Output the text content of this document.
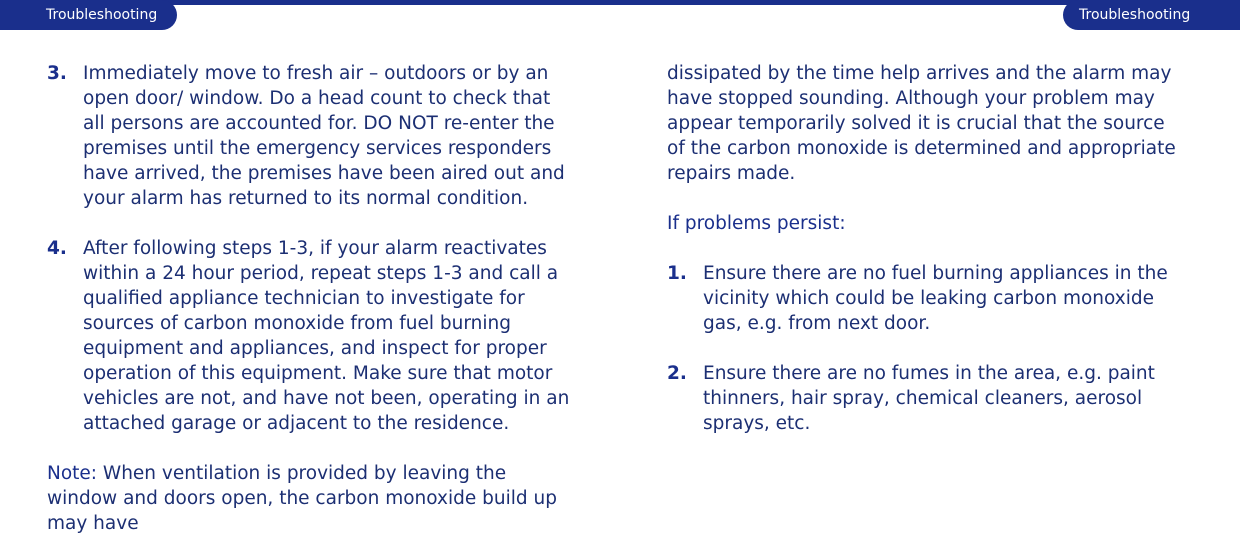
Troubleshooting	Troubleshooting
3. Immediately move to fresh air – outdoors or by an open door/ window. Do a head count to check that all persons are accounted for. DO NOT re-enter the premises until the emergency services responders have arrived, the premises have been aired out and your alarm has returned to its normal condition.
4. After following steps 1-3, if your alarm reactivates within a 24 hour period, repeat steps 1-3 and call a qualified appliance technician to investigate for sources of carbon monoxide from fuel burning equipment and appliances, and inspect for proper operation of this equipment. Make sure that motor vehicles are not, and have not been, operating in an attached garage or adjacent to the residence.
Note: When ventilation is provided by leaving the window and doors open, the carbon monoxide build up may have
dissipated by the time help arrives and the alarm may have stopped sounding. Although your problem may appear temporarily solved it is crucial that the source of the carbon monoxide is determined and appropriate repairs made.
If problems persist:
1. Ensure there are no fuel burning appliances in the vicinity which could be leaking carbon monoxide gas, e.g. from next door.
2. Ensure there are no fumes in the area, e.g. paint thinners, hair spray, chemical cleaners, aerosol sprays, etc.
